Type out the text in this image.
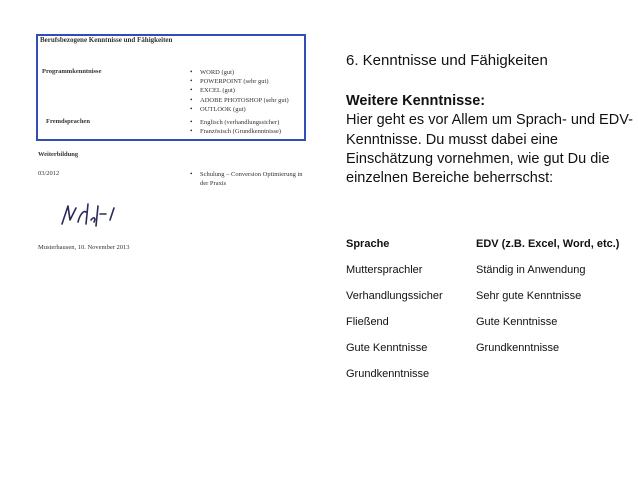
Berufsbezogene Kenntnisse und Fähigkeiten
Programmkenntnisse	• WORD (gut)
• POWERPOINT (sehr gut)
• EXCEL (gut)
• ADOBE PHOTOSHOP (sehr gut)
• OUTLOOK (gut)
Fremdsprachen	• Englisch (verhandlungssicher)
• Französisch (Grundkenntnisse)
Weiterbildung
03/2012	• Schulung – Conversion Optimierung in der Praxis
Musterhausen, 10. November 2013
6. Kenntnisse und Fähigkeiten
Weitere Kenntnisse:
Hier geht es vor Allem um Sprach- und EDV-Kenntnisse. Du musst dabei eine Einschätzung vornehmen, wie gut Du die einzelnen Bereiche beherrschst:
Sprache	EDV (z.B. Excel, Word, etc.)
Muttersprachler	Ständig in Anwendung
Verhandlungssicher	Sehr gute Kenntnisse
Fließend	Gute Kenntnisse
Gute Kenntnisse	Grundkenntnisse
Grundkenntnisse
